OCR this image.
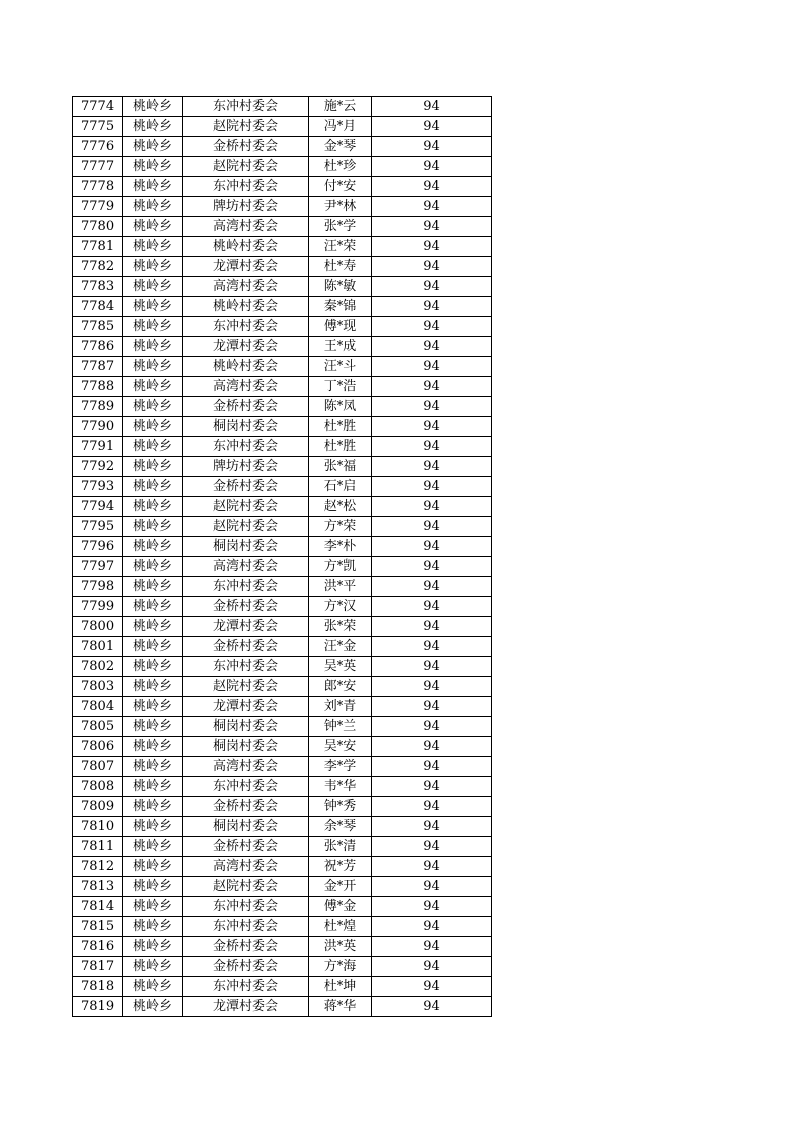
7774	桃岭乡	东冲村委会	施*云	94
7775	桃岭乡	赵院村委会	冯*月	94
7776	桃岭乡	金桥村委会	金*琴	94
7777	桃岭乡	赵院村委会	杜*珍	94
7778	桃岭乡	东冲村委会	付*安	94
7779	桃岭乡	牌坊村委会	尹*林	94
7780	桃岭乡	高湾村委会	张*学	94
7781	桃岭乡	桃岭村委会	汪*荣	94
7782	桃岭乡	龙潭村委会	杜*寿	94
7783	桃岭乡	高湾村委会	陈*敏	94
7784	桃岭乡	桃岭村委会	秦*锦	94
7785	桃岭乡	东冲村委会	傅*现	94
7786	桃岭乡	龙潭村委会	王*成	94
7787	桃岭乡	桃岭村委会	汪*斗	94
7788	桃岭乡	高湾村委会	丁*浩	94
7789	桃岭乡	金桥村委会	陈*凤	94
7790	桃岭乡	桐岗村委会	杜*胜	94
7791	桃岭乡	东冲村委会	杜*胜	94
7792	桃岭乡	牌坊村委会	张*福	94
7793	桃岭乡	金桥村委会	石*启	94
7794	桃岭乡	赵院村委会	赵*松	94
7795	桃岭乡	赵院村委会	方*荣	94
7796	桃岭乡	桐岗村委会	李*朴	94
7797	桃岭乡	高湾村委会	方*凯	94
7798	桃岭乡	东冲村委会	洪*平	94
7799	桃岭乡	金桥村委会	方*汉	94
7800	桃岭乡	龙潭村委会	张*荣	94
7801	桃岭乡	金桥村委会	汪*金	94
7802	桃岭乡	东冲村委会	吴*英	94
7803	桃岭乡	赵院村委会	郎*安	94
7804	桃岭乡	龙潭村委会	刘*青	94
7805	桃岭乡	桐岗村委会	钟*兰	94
7806	桃岭乡	桐岗村委会	吴*安	94
7807	桃岭乡	高湾村委会	李*学	94
7808	桃岭乡	东冲村委会	韦*华	94
7809	桃岭乡	金桥村委会	钟*秀	94
7810	桃岭乡	桐岗村委会	余*琴	94
7811	桃岭乡	金桥村委会	张*清	94
7812	桃岭乡	高湾村委会	祝*芳	94
7813	桃岭乡	赵院村委会	金*开	94
7814	桃岭乡	东冲村委会	傅*金	94
7815	桃岭乡	东冲村委会	杜*煌	94
7816	桃岭乡	金桥村委会	洪*英	94
7817	桃岭乡	金桥村委会	方*海	94
7818	桃岭乡	东冲村委会	杜*坤	94
7819	桃岭乡	龙潭村委会	蒋*华	94
